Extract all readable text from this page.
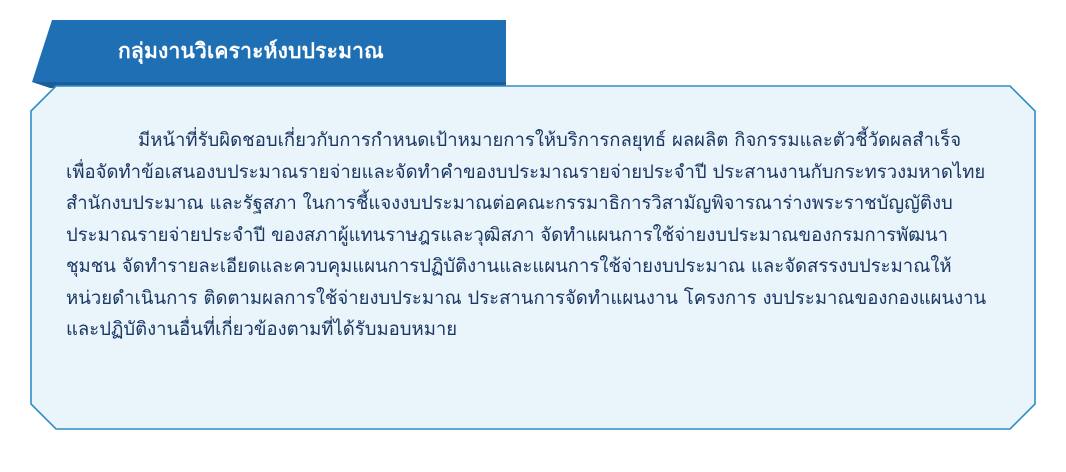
กลุ่มงานวิเคราะห์งบประมาณ
มีหน้าที่รับผิดชอบเกี่ยวกับการกำหนดเป้าหมายการให้บริการกลยุทธ์ ผลผลิต กิจกรรมและตัวชี้วัดผลสำเร็จ เพื่อจัดทำข้อเสนองบประมาณรายจ่ายและจัดทำคำของบประมาณรายจ่ายประจำปี ประสานงานกับกระทรวงมหาดไทย สำนักงบประมาณ และรัฐสภา ในการชี้แจงงบประมาณต่อคณะกรรมาธิการวิสามัญพิจารณาร่างพระราชบัญญัติงบประมาณรายจ่ายประจำปี ของสภาผู้แทนราษฎรและวุฒิสภา จัดทำแผนการใช้จ่ายงบประมาณของกรมการพัฒนาชุมชน จัดทำรายละเอียดและควบคุมแผนการปฏิบัติงานและแผนการใช้จ่ายงบประมาณ และจัดสรรงบประมาณให้หน่วยดำเนินการ ติดตามผลการใช้จ่ายงบประมาณ ประสานการจัดทำแผนงาน โครงการ งบประมาณของกองแผนงาน และปฏิบัติงานอื่นที่เกี่ยวข้องตามที่ได้รับมอบหมาย
